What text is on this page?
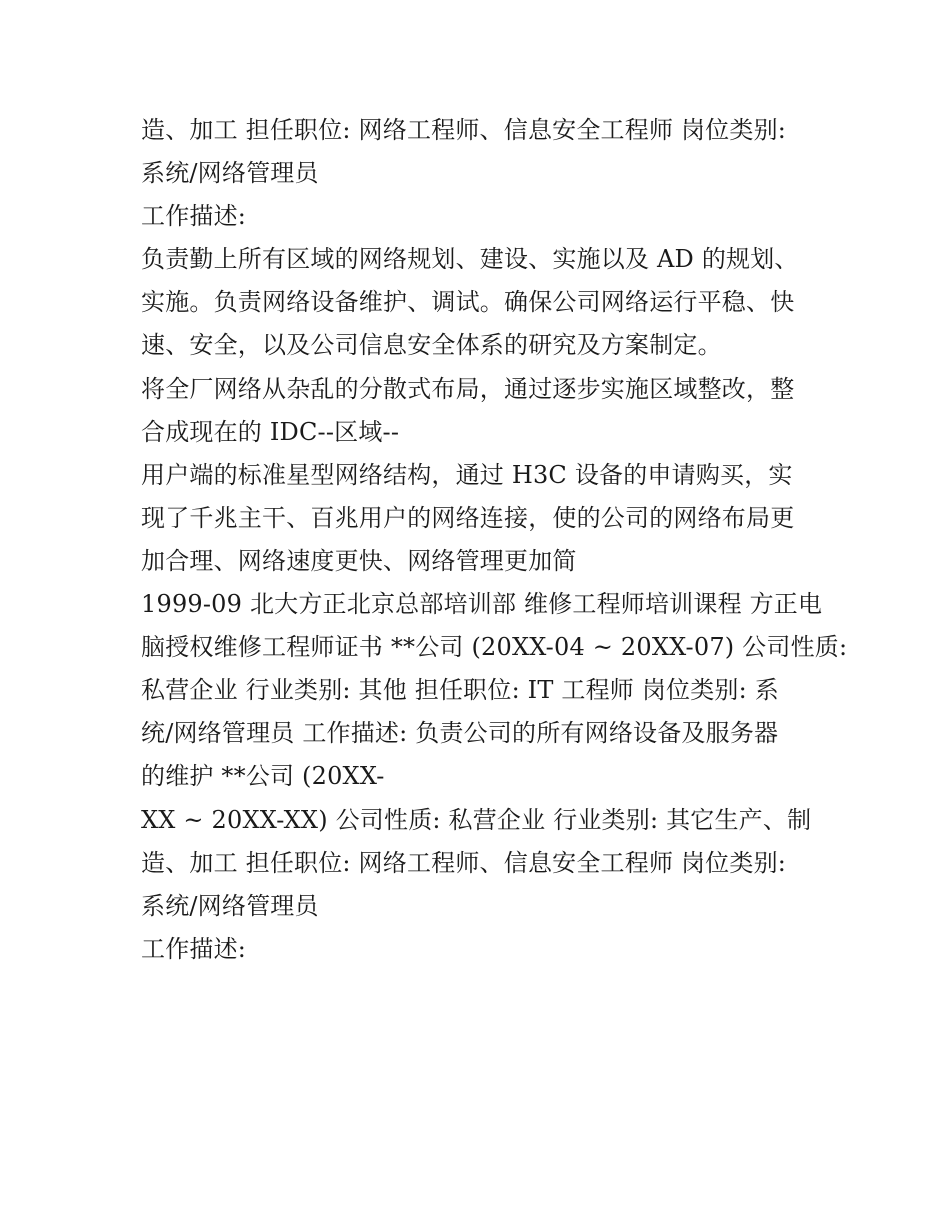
造、加工 担任职位: 网络工程师、信息安全工程师 岗位类别:
系统/网络管理员
工作描述:
负责勤上所有区域的网络规划、建设、实施以及 AD 的规划、
实施。负责网络设备维护、调试。确保公司网络运行平稳、快
速、安全，以及公司信息安全体系的研究及方案制定。
将全厂网络从杂乱的分散式布局，通过逐步实施区域整改，整
合成现在的 IDC--区域--
用户端的标准星型网络结构，通过 H3C 设备的申请购买，实
现了千兆主干、百兆用户的网络连接，使的公司的网络布局更
加合理、网络速度更快、网络管理更加简
1999-09 北大方正北京总部培训部 维修工程师培训课程 方正电
脑授权维修工程师证书 **公司 (20XX-04 ~ 20XX-07) 公司性质:
私营企业 行业类别: 其他 担任职位: IT 工程师 岗位类别: 系
统/网络管理员 工作描述: 负责公司的所有网络设备及服务器
的维护 **公司 (20XX-
XX ~ 20XX-XX) 公司性质: 私营企业 行业类别: 其它生产、制
造、加工 担任职位: 网络工程师、信息安全工程师 岗位类别:
系统/网络管理员
工作描述:
